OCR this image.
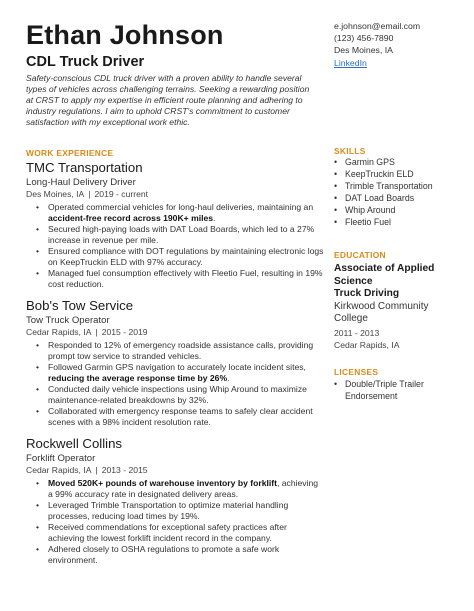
Ethan Johnson
CDL Truck Driver
Safety-conscious CDL truck driver with a proven ability to handle several types of vehicles across challenging terrains. Seeking a rewarding position at CRST to apply my expertise in efficient route planning and adhering to industry regulations. I aim to uphold CRST's commitment to customer satisfaction with my exceptional work ethic.
e.johnson@email.com
(123) 456-7890
Des Moines, IA
LinkedIn
WORK EXPERIENCE
TMC Transportation
Long-Haul Delivery Driver
Des Moines, IA | 2019 - current
• Operated commercial vehicles for long-haul deliveries, maintaining an accident-free record across 190K+ miles.
• Secured high-paying loads with DAT Load Boards, which led to a 27% increase in revenue per mile.
• Ensured compliance with DOT regulations by maintaining electronic logs on KeepTruckin ELD with 97% accuracy.
• Managed fuel consumption effectively with Fleetio Fuel, resulting in 19% cost reduction.
Bob's Tow Service
Tow Truck Operator
Cedar Rapids, IA | 2015 - 2019
• Responded to 12% of emergency roadside assistance calls, providing prompt tow service to stranded vehicles.
• Followed Garmin GPS navigation to accurately locate incident sites, reducing the average response time by 26%.
• Conducted daily vehicle inspections using Whip Around to maximize maintenance-related breakdowns by 32%.
• Collaborated with emergency response teams to safely clear accident scenes with a 98% incident resolution rate.
Rockwell Collins
Forklift Operator
Cedar Rapids, IA | 2013 - 2015
• Moved 520K+ pounds of warehouse inventory by forklift, achieving a 99% accuracy rate in designated delivery areas.
• Leveraged Trimble Transportation to optimize material handling processes, reducing load times by 19%.
• Received commendations for exceptional safety practices after achieving the lowest forklift incident record in the company.
• Adhered closely to OSHA regulations to promote a safe work environment.
SKILLS
• Garmin GPS
• KeepTruckin ELD
• Trimble Transportation
• DAT Load Boards
• Whip Around
• Fleetio Fuel
EDUCATION
Associate of Applied Science
Truck Driving
Kirkwood Community College
2011 - 2013
Cedar Rapids, IA
LICENSES
• Double/Triple Trailer Endorsement
